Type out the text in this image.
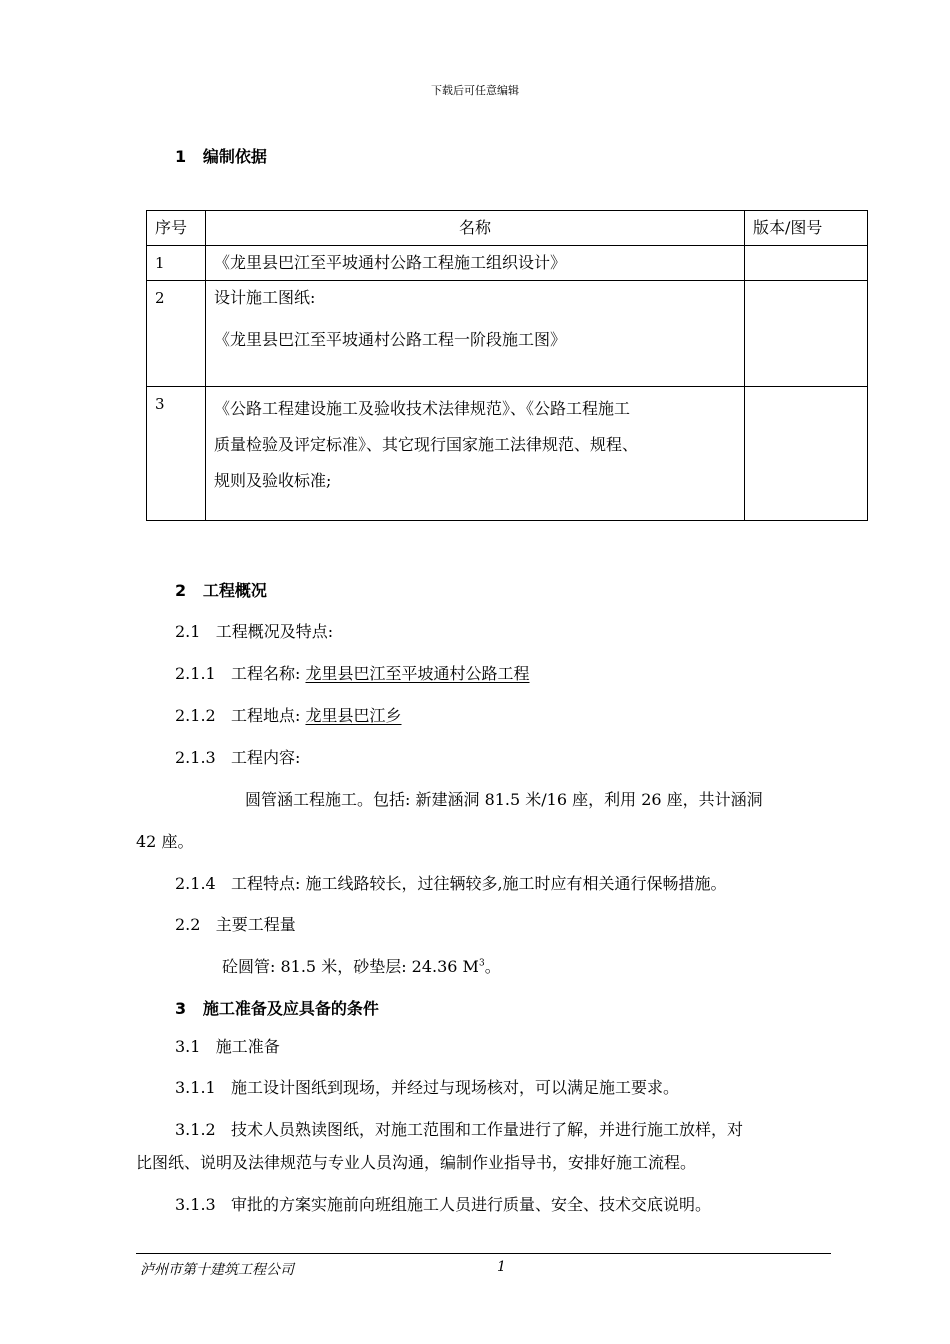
下载后可任意编辑
1 编制依据
序号	名称	版本/图号
1	《龙里县巴江至平坡通村公路工程施工组织设计》	
2	设计施工图纸:
《龙里县巴江至平坡通村公路工程一阶段施工图》	

3	《公路工程建设施工及验收技术法律规范》、《公路工程施工
质量检验及评定标准》、其它现行国家施工法律规范、规程、
规则及验收标准;	

2 工程概况
2.1 工程概况及特点:
2.1.1 工程名称: 龙里县巴江至平坡通村公路工程
2.1.2 工程地点: 龙里县巴江乡
2.1.3 工程内容:
圆管涵工程施工。包括: 新建涵洞 81.5 米/16 座，利用 26 座，共计涵洞
42 座。
2.1.4 工程特点: 施工线路较长，过往辆较多,施工时应有相关通行保畅措施。
2.2 主要工程量
砼圆管: 81.5 米，砂垫层: 24.36 $M^3$。
3 施工准备及应具备的条件
3.1 施工准备
3.1.1 施工设计图纸到现场，并经过与现场核对，可以满足施工要求。
3.1.2 技术人员熟读图纸，对施工范围和工作量进行了解，并进行施工放样，对
比图纸、说明及法律规范与专业人员沟通，编制作业指导书，安排好施工流程。
3.1.3 审批的方案实施前向班组施工人员进行质量、安全、技术交底说明。
泸州市第十建筑工程公司	1
